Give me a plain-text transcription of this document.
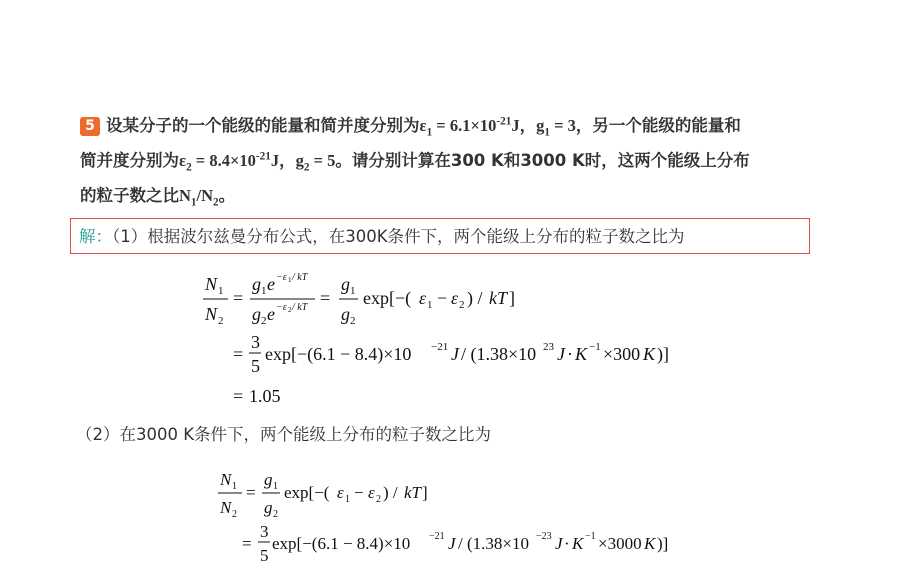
5 设某分子的一个能级的能量和简并度分别为$\varepsilon_1 = 6.1\times 10^{-21}J$，$g_1 = 3$，另一个能级的能量和
简并度分别为$\varepsilon_2 = 8.4\times 10^{-21}J$，$g_2 = 5$。请分别计算在300 K和3000 K时，这两个能级上分布
的粒子数之比$N_1/N_2$。
解：（1）根据波尔兹曼分布公式，在300K条件下，两个能级上分布的粒子数之比为
N 1
N 2
=
g 1 e −ε 1 / kT
g 2 e −ε 2 / kT =
g 1
g 2
exp[−( ε 1 − ε 2 ) / kT ]
=
3
5
exp[−(6.1 − 8.4)×10 −21 J / (1.38×10 23 J · K −1 ×300 K )]
= 1.05
（2）在3000 K条件下，两个能级上分布的粒子数之比为
N 1
N 2
=
g 1
g 2
exp[−( ε 1 − ε 2 ) / kT ]
=
3
5
exp[−(6.1 − 8.4)×10 −21 J / (1.38×10 −23 J · K −1 ×3000 K )]
